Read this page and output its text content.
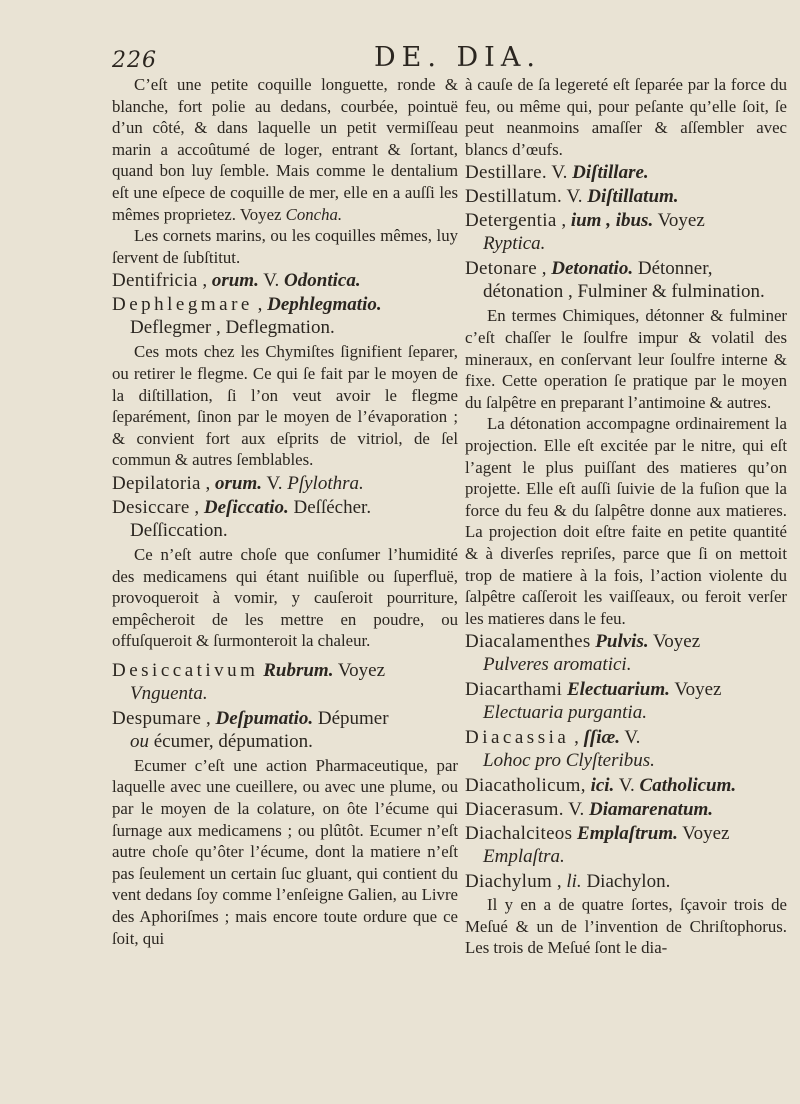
226	DE. DIA.

C’eſt une petite coquille longuette, ronde & blanche, fort polie au dedans, courbée, pointuë d’un côté, & dans laquelle un petit vermiſſeau marin a accoûtumé de loger, entrant & ſortant, quand bon luy ſemble. Mais comme le dentalium eſt une eſpece de coquille de mer, elle en a auſſi les mêmes proprietez. Voyez Concha.

Les cornets marins, ou les coquilles mêmes, luy ſervent de ſubſtitut.

Dentifricia , orum. V. Odontica.
Dephlegmare , Dephlegmatio.
Deflegmer , Deflegmation.

Ces mots chez les Chymiſtes ſignifient ſeparer, ou retirer le flegme. Ce qui ſe fait par le moyen de la diſtillation, ſi l’on veut avoir le flegme ſeparément, ſinon par le moyen de l’évaporation ; & convient fort aux eſprits de vitriol, de ſel commun & autres ſemblables.

Depilatoria , orum. V. Pſylothra.
Desiccare , Deſiccatio. Deſſécher.
Deſſiccation.

Ce n’eſt autre choſe que conſumer l’humidité des medicamens qui étant nuiſible ou ſuperfluë, provoqueroit à vomir, y cauſeroit pourriture, empêcheroit de les mettre en poudre, ou offuſqueroit & ſurmonteroit la chaleur.

Desiccativum Rubrum. Voyez
Vnguenta.
Despumare , Deſpumatio. Dépumer
ou écumer, dépumation.

Ecumer c’eſt une action Pharmaceutique, par laquelle avec une cueillere, ou avec une plume, ou par le moyen de la colature, on ôte l’écume qui ſurnage aux medicamens ; ou plûtôt. Ecumer n’eſt autre choſe qu’ôter l’écume, dont la matiere n’eſt pas ſeulement un certain ſuc gluant, qui contient du vent dedans ſoy comme l’enſeigne Galien, au Livre des Aphoriſmes ; mais encore toute ordure que ce ſoit, qui

à cauſe de ſa legereté eſt ſeparée par la force du feu, ou même qui, pour peſante qu’elle ſoit, ſe peut neanmoins amaſſer & aſſembler avec blancs d’œufs.

Destillare. V. Diſtillare.
Destillatum. V. Diſtillatum.
Detergentia , ium , ibus. Voyez
Ryptica.
Detonare , Detonatio. Détonner,
détonation , Fulminer & fulmination.

En termes Chimiques, détonner & fulminer c’eſt chaſſer le ſoulfre impur & volatil des mineraux, en conſervant leur ſoulfre interne & fixe. Cette operation ſe pratique par le moyen du ſalpêtre en preparant l’antimoine & autres.

La détonation accompagne ordinairement la projection. Elle eſt excitée par le nitre, qui eſt l’agent le plus puiſſant des matieres qu’on projette. Elle eſt auſſi ſuivie de la fuſion que la force du feu & du ſalpêtre donne aux matieres. La projection doit eſtre faite en petite quantité & à diverſes repriſes, parce que ſi on mettoit trop de matiere à la fois, l’action violente du ſalpêtre caſſeroit les vaiſſeaux, ou feroit verſer les matieres dans le feu.

Diacalamenthes Pulvis. Voyez
Pulveres aromatici.
Diacarthami Electuarium. Voyez
Electuaria purgantia.
Diacassia , ſſiæ. V.
Lohoc pro Clyſteribus.
Diacatholicum, ici. V. Catholicum.
Diacerasum. V. Diamarenatum.
Diachalciteos Emplaſtrum. Voyez
Emplaſtra.
Diachylum , li. Diachylon.

Il y en a de quatre ſortes, ſçavoir trois de Meſué & un de l’invention de Chriſtophorus. Les trois de Meſué ſont le dia-
